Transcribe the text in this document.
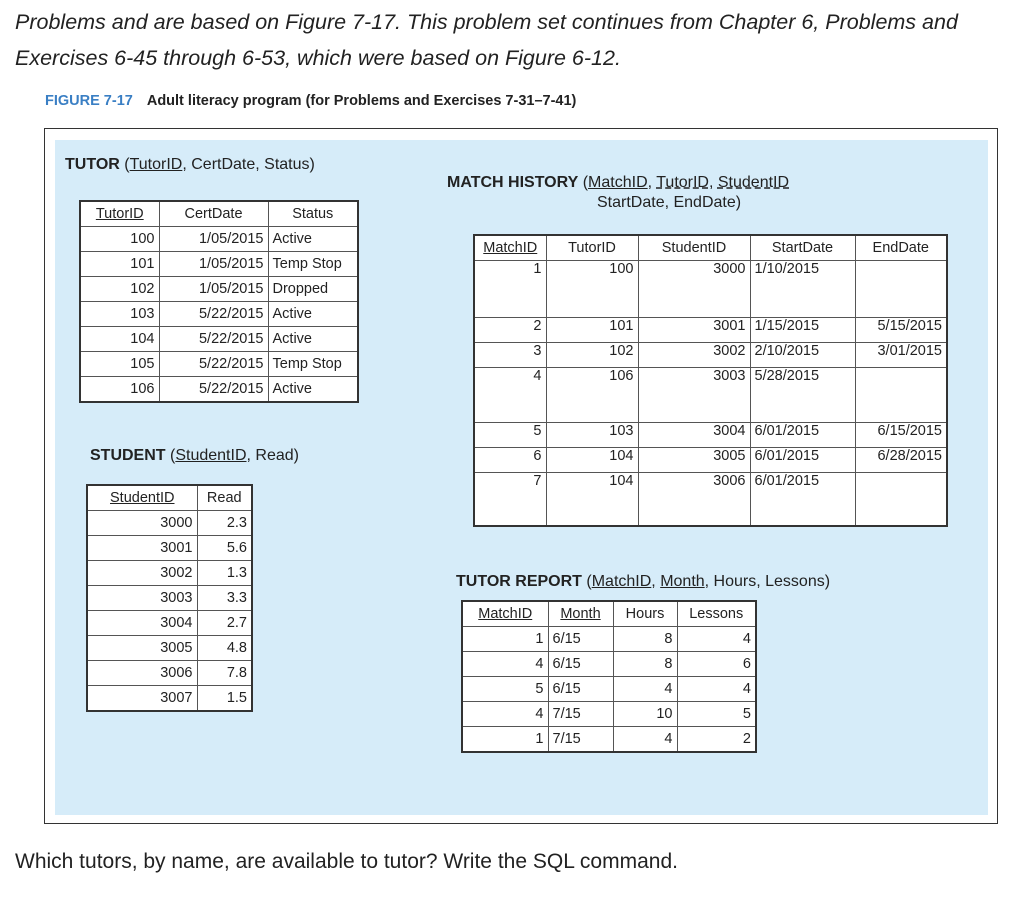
Problems and are based on Figure 7-17. This problem set continues from Chapter 6, Problems and Exercises 6-45 through 6-53, which were based on Figure 6-12.
FIGURE 7-17 Adult literacy program (for Problems and Exercises 7-31–7-41)
TUTOR (TutorID, CertDate, Status)
TutorID	CertDate	Status
100	1/05/2015	Active
101	1/05/2015	Temp Stop
102	1/05/2015	Dropped
103	5/22/2015	Active
104	5/22/2015	Active
105	5/22/2015	Temp Stop
106	5/22/2015	Active
STUDENT (StudentID, Read)
StudentID	Read
3000	2.3
3001	5.6
3002	1.3
3003	3.3
3004	2.7
3005	4.8
3006	7.8
3007	1.5
MATCH HISTORY (MatchID, TutorID, StudentID
StartDate, EndDate)
MatchID	TutorID	StudentID	StartDate	EndDate
1	100	3000	1/10/2015	
2	101	3001	1/15/2015	5/15/2015
3	102	3002	2/10/2015	3/01/2015
4	106	3003	5/28/2015	
5	103	3004	6/01/2015	6/15/2015
6	104	3005	6/01/2015	6/28/2015
7	104	3006	6/01/2015	
TUTOR REPORT (MatchID, Month, Hours, Lessons)
MatchID	Month	Hours	Lessons
1	6/15	8	4
4	6/15	8	6
5	6/15	4	4
4	7/15	10	5
1	7/15	4	2
Which tutors, by name, are available to tutor? Write the SQL command.
